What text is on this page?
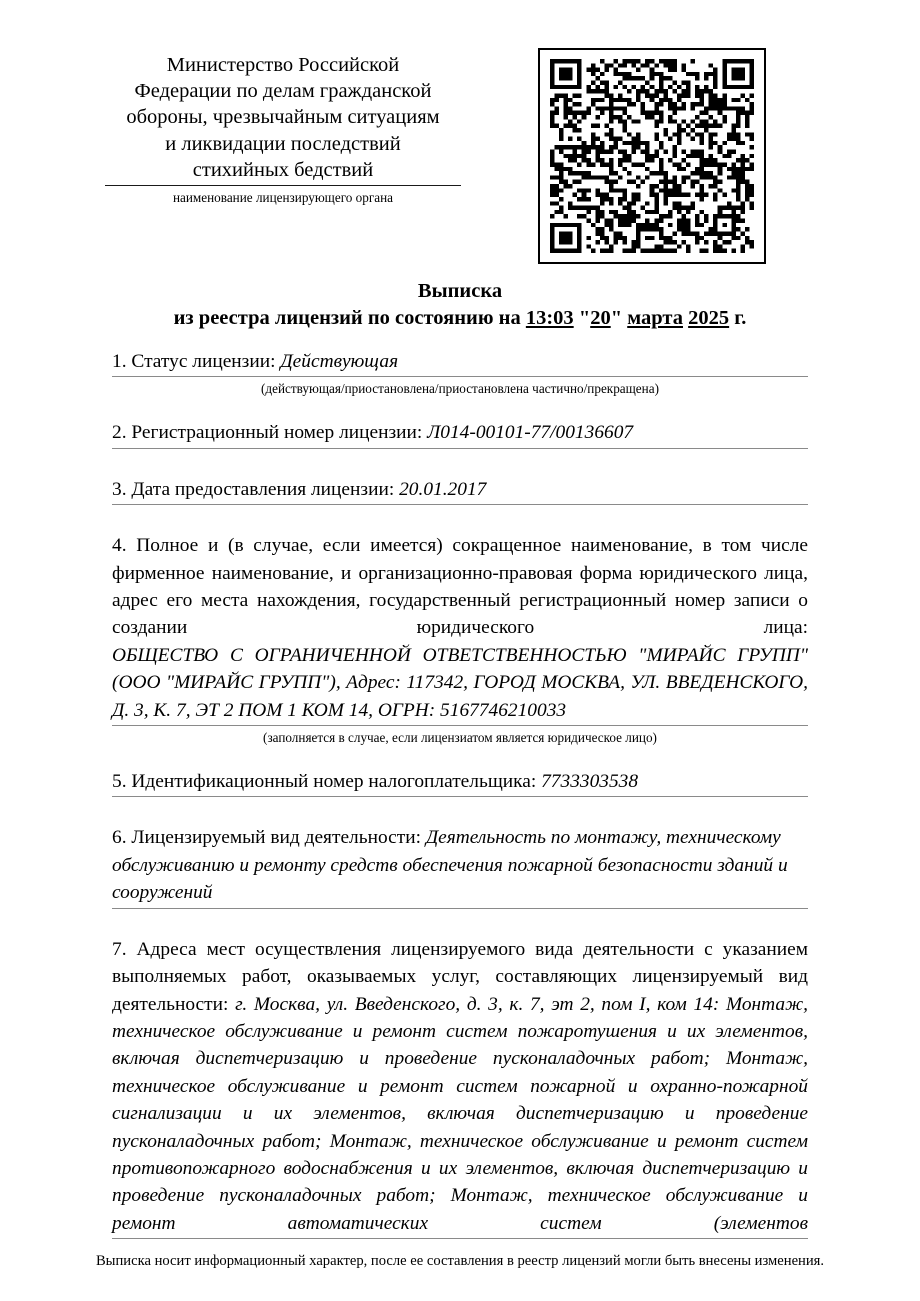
Министерство Российской
Федерации по делам гражданской
обороны, чрезвычайным ситуациям
и ликвидации последствий
стихийных бедствий
наименование лицензирующего органа
Выписка
из реестра лицензий по состоянию на 13:03 "20" марта 2025 г.
1. Статус лицензии: Действующая
(действующая/приостановлена/приостановлена частично/прекращена)
2. Регистрационный номер лицензии: Л014-00101-77/00136607
3. Дата предоставления лицензии: 20.01.2017
4. Полное и (в случае, если имеется) сокращенное наименование, в том числе фирменное наименование, и организационно-правовая форма юридического лица, адрес его места нахождения, государственный регистрационный номер записи о создании юридического лица:
ОБЩЕСТВО С ОГРАНИЧЕННОЙ ОТВЕТСТВЕННОСТЬЮ "МИРАЙС ГРУПП" (ООО "МИРАЙС ГРУПП"), Адрес: 117342, ГОРОД МОСКВА, УЛ. ВВЕДЕНСКОГО, Д. 3, К. 7, ЭТ 2 ПОМ 1 КОМ 14, ОГРН: 5167746210033
(заполняется в случае, если лицензиатом является юридическое лицо)
5. Идентификационный номер налогоплательщика: 7733303538
6. Лицензируемый вид деятельности: Деятельность по монтажу, техническому обслуживанию и ремонту средств обеспечения пожарной безопасности зданий и сооружений
7. Адреса мест осуществления лицензируемого вида деятельности с указанием выполняемых работ, оказываемых услуг, составляющих лицензируемый вид деятельности: г. Москва, ул. Введенского, д. 3, к. 7, эт 2, пом I, ком 14: Монтаж, техническое обслуживание и ремонт систем пожаротушения и их элементов, включая диспетчеризацию и проведение пусконаладочных работ; Монтаж, техническое обслуживание и ремонт систем пожарной и охранно-пожарной сигнализации и их элементов, включая диспетчеризацию и проведение пусконаладочных работ; Монтаж, техническое обслуживание и ремонт систем противопожарного водоснабжения и их элементов, включая диспетчеризацию и проведение пусконаладочных работ; Монтаж, техническое обслуживание и ремонт автоматических систем (элементов
Выписка носит информационный характер, после ее составления в реестр лицензий могли быть внесены изменения.
